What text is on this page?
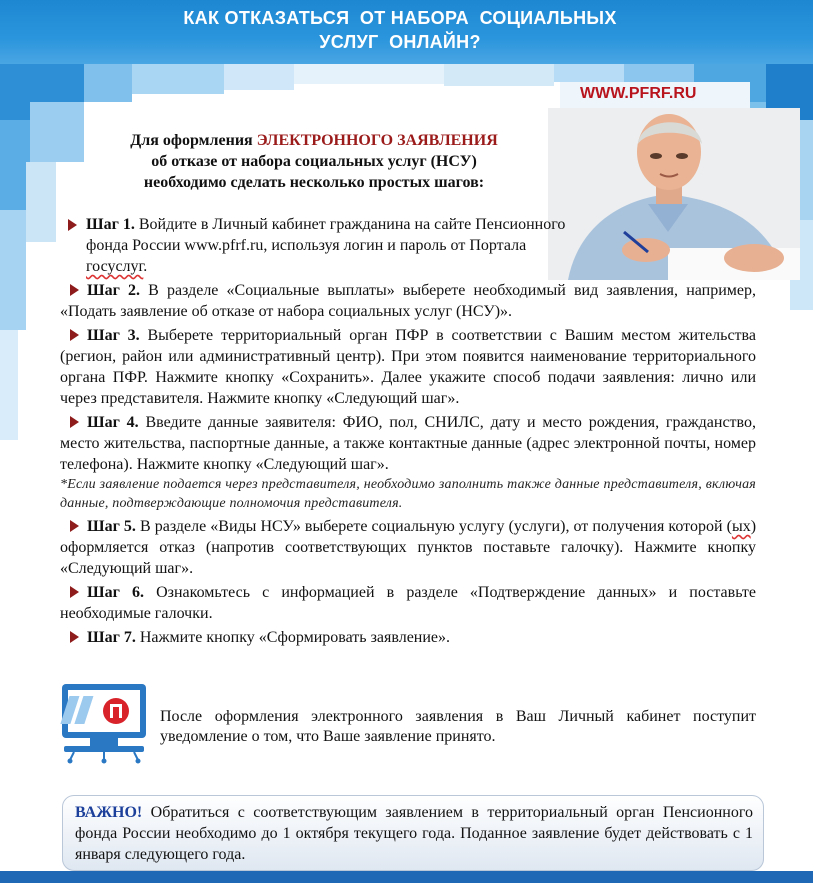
КАК ОТКАЗАТЬСЯ  ОТ НАБОРА  СОЦИАЛЬНЫХ
УСЛУГ  ОНЛАЙН?
WWW.PFRF.RU
Для оформления ЭЛЕКТРОННОГО ЗАЯВЛЕНИЯ
об отказе от набора социальных услуг (НСУ)
необходимо сделать несколько простых шагов:
Шаг 1. Войдите в Личный кабинет гражданина на сайте Пенсионного фонда России www.pfrf.ru, используя логин и пароль от Портала госуслуг.
Шаг 2. В разделе «Социальные выплаты» выберете необходимый вид заявления, например, «Подать заявление об отказе от набора социальных услуг (НСУ)».
Шаг 3. Выберете территориальный орган ПФР в соответствии с Вашим местом жительства (регион, район или административный центр). При этом появится наименование территориального органа ПФР. Нажмите кнопку «Сохранить». Далее укажите способ подачи заявления: лично или через представителя. Нажмите кнопку «Следующий шаг».
Шаг 4. Введите данные заявителя: ФИО, пол, СНИЛС, дату и место рождения, гражданство, место жительства, паспортные данные, а также контактные данные (адрес электронной почты, номер телефона). Нажмите кнопку «Следующий шаг».
*Если заявление подается через представителя, необходимо заполнить также данные представителя, включая данные, подтверждающие полномочия представителя.
Шаг 5. В разделе «Виды НСУ» выберете социальную услугу (услуги), от получения которой (ых) оформляется отказ (напротив соответствующих пунктов поставьте галочку). Нажмите кнопку «Следующий шаг».
Шаг 6. Ознакомьтесь с информацией в разделе «Подтверждение данных» и поставьте необходимые галочки.
Шаг 7. Нажмите кнопку «Сформировать заявление».
После оформления электронного заявления в Ваш Личный кабинет поступит уведомление о том, что Ваше заявление принято.
ВАЖНО! Обратиться с соответствующим заявлением в территориальный орган Пенсионного фонда России необходимо до 1 октября текущего года. Поданное заявление будет действовать с 1 января следующего года.
